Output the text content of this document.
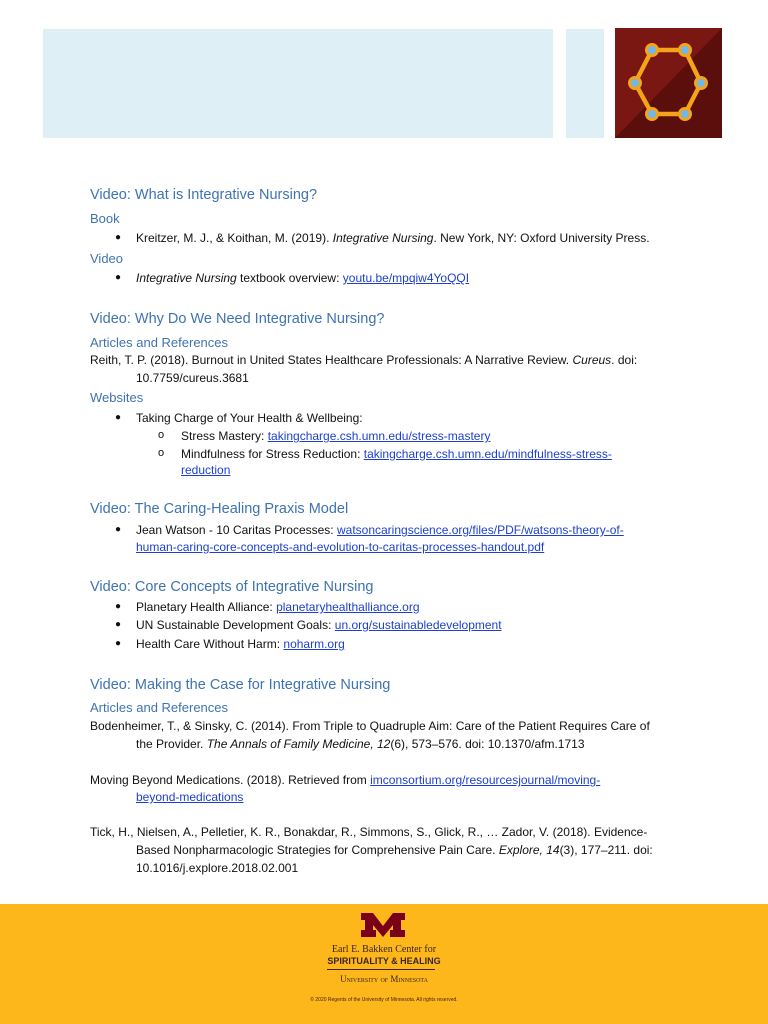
Video: What is Integrative Nursing?
Book
● Kreitzer, M. J., & Koithan, M. (2019). Integrative Nursing. New York, NY: Oxford University Press.
Video
● Integrative Nursing textbook overview: youtu.be/mpqiw4YoQQI
Video: Why Do We Need Integrative Nursing?
Articles and References
Reith, T. P. (2018). Burnout in United States Healthcare Professionals: A Narrative Review. Cureus. doi:
10.7759/cureus.3681
Websites
● Taking Charge of Your Health & Wellbeing:
o Stress Mastery: takingcharge.csh.umn.edu/stress-mastery
o Mindfulness for Stress Reduction: takingcharge.csh.umn.edu/mindfulness-stress-
reduction
Video: The Caring-Healing Praxis Model
● Jean Watson - 10 Caritas Processes: watsoncaringscience.org/files/PDF/watsons-theory-of-
human-caring-core-concepts-and-evolution-to-caritas-processes-handout.pdf
Video: Core Concepts of Integrative Nursing
● Planetary Health Alliance: planetaryhealthalliance.org
● UN Sustainable Development Goals: un.org/sustainabledevelopment
● Health Care Without Harm: noharm.org
Video: Making the Case for Integrative Nursing
Articles and References
Bodenheimer, T., & Sinsky, C. (2014). From Triple to Quadruple Aim: Care of the Patient Requires Care of
the Provider. The Annals of Family Medicine, 12(6), 573–576. doi: 10.1370/afm.1713
Moving Beyond Medications. (2018). Retrieved from imconsortium.org/resourcesjournal/moving-
beyond-medications
Tick, H., Nielsen, A., Pelletier, K. R., Bonakdar, R., Simmons, S., Glick, R., … Zador, V. (2018). Evidence-
Based Nonpharmacologic Strategies for Comprehensive Pain Care. Explore, 14(3), 177–211. doi:
10.1016/j.explore.2018.02.001
Earl E. Bakken Center for
SPIRITUALITY & HEALING
University of Minnesota
© 2020 Regents of the University of Minnesota. All rights reserved.
